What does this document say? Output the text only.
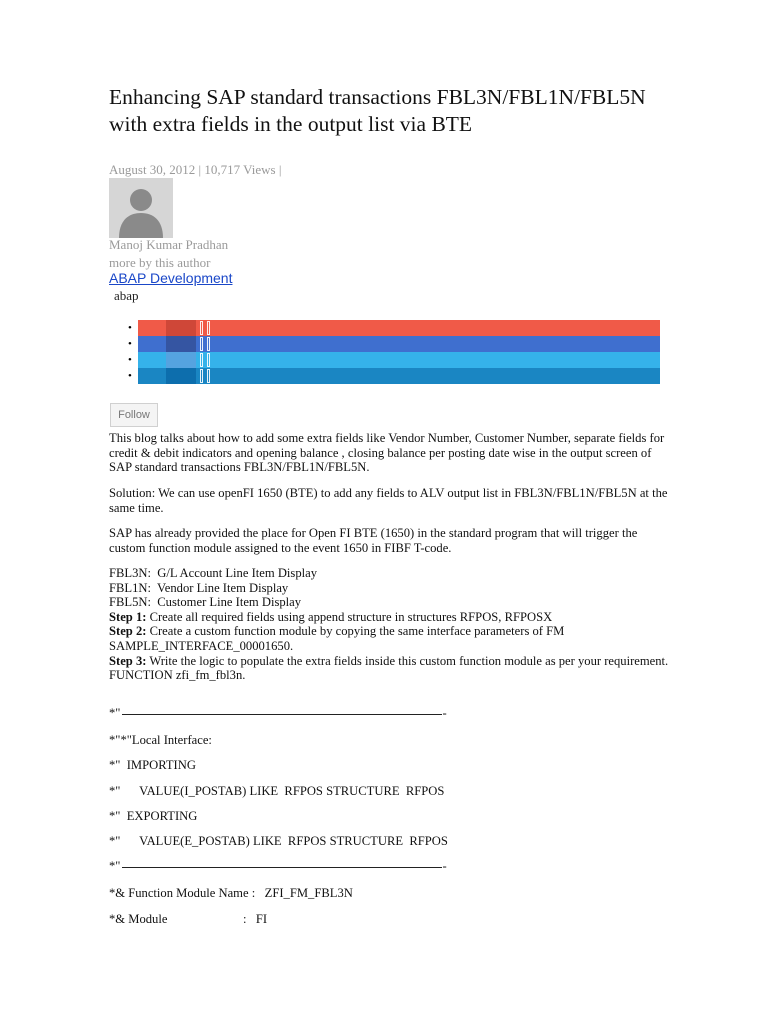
Enhancing SAP standard transactions FBL3N/FBL1N/FBL5N with extra fields in the output list via BTE
August 30, 2012 | 10,717 Views |
Manoj Kumar Pradhan
more by this author
ABAP Development
abap
•
•
•
•
Follow

This blog talks about how to add some extra fields like Vendor Number, Customer Number, separate fields for credit & debit indicators and opening balance , closing balance per posting date wise in the output screen of SAP standard transactions FBL3N/FBL1N/FBL5N.

Solution: We can use openFI 1650 (BTE) to add any fields to ALV output list in FBL3N/FBL1N/FBL5N at the same time.

SAP has already provided the place for Open FI BTE (1650) in the standard program that will trigger the custom function module assigned to the event 1650 in FIBF T-code.

FBL3N:  G/L Account Line Item Display

FBL1N:  Vendor Line Item Display

FBL5N:  Customer Line Item Display

Step 1: Create all required fields using append structure in structures RFPOS, RFPOSX

Step 2: Create a custom function module by copying the same interface parameters of FM SAMPLE_INTERFACE_00001650.

Step 3: Write the logic to populate the extra fields inside this custom function module as per your requirement.

FUNCTION zfi_fm_fbl3n.

*"	-
*"*"Local Interface:
*"  IMPORTING
*"      VALUE(I_POSTAB) LIKE  RFPOS STRUCTURE  RFPOS
*"  EXPORTING
*"      VALUE(E_POSTAB) LIKE  RFPOS STRUCTURE  RFPOS
*"	-
*& Function Module Name :   ZFI_FM_FBL3N
*& Module                        :   FI
